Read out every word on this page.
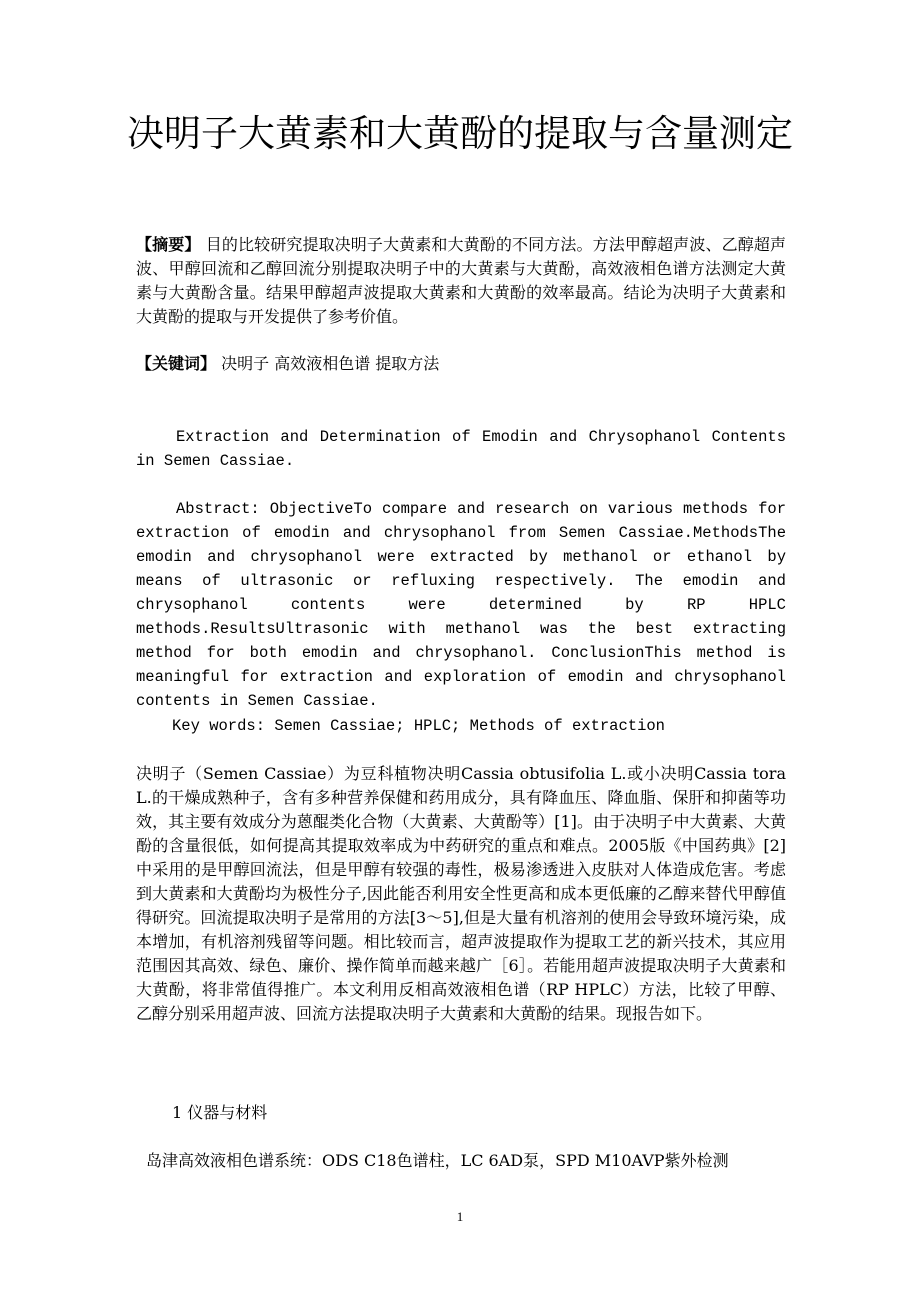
决明子大黄素和大黄酚的提取与含量测定

【摘要】 目的比较研究提取决明子大黄素和大黄酚的不同方法。方法甲醇超声波、乙醇超声波、甲醇回流和乙醇回流分别提取决明子中的大黄素与大黄酚，高效液相色谱方法测定大黄素与大黄酚含量。结果甲醇超声波提取大黄素和大黄酚的效率最高。结论为决明子大黄素和大黄酚的提取与开发提供了参考价值。

【关键词】 决明子 高效液相色谱 提取方法

Extraction and Determination of Emodin and Chrysophanol Contents in Semen Cassiae.

Abstract: ObjectiveTo compare and research on various methods for extraction of emodin and chrysophanol from Semen Cassiae.MethodsThe emodin and chrysophanol were extracted by methanol or ethanol by means of ultrasonic or refluxing respectively. The emodin and chrysophanol contents were determined by RP HPLC methods.ResultsUltrasonic with methanol was the best extracting method for both emodin and chrysophanol. ConclusionThis method is meaningful for extraction and exploration of emodin and chrysophanol contents in Semen Cassiae.

Key words: Semen Cassiae; HPLC; Methods of extraction

决明子（Semen Cassiae）为豆科植物决明Cassia obtusifolia L.或小决明Cassia tora L.的干燥成熟种子，含有多种营养保健和药用成分，具有降血压、降血脂、保肝和抑菌等功效，其主要有效成分为蒽醌类化合物（大黄素、大黄酚等）[1]。由于决明子中大黄素、大黄酚的含量很低，如何提高其提取效率成为中药研究的重点和难点。2005版《中国药典》[2]中采用的是甲醇回流法，但是甲醇有较强的毒性，极易渗透进入皮肤对人体造成危害。考虑到大黄素和大黄酚均为极性分子,因此能否利用安全性更高和成本更低廉的乙醇来替代甲醇值得研究。回流提取决明子是常用的方法[3～5],但是大量有机溶剂的使用会导致环境污染，成本增加，有机溶剂残留等问题。相比较而言，超声波提取作为提取工艺的新兴技术，其应用范围因其高效、绿色、廉价、操作简单而越来越广［6］。若能用超声波提取决明子大黄素和大黄酚，将非常值得推广。本文利用反相高效液相色谱（RP HPLC）方法，比较了甲醇、乙醇分别采用超声波、回流方法提取决明子大黄素和大黄酚的结果。现报告如下。

1 仪器与材料

岛津高效液相色谱系统：ODS C18色谱柱，LC 6AD泵，SPD M10AVP紫外检测

1
